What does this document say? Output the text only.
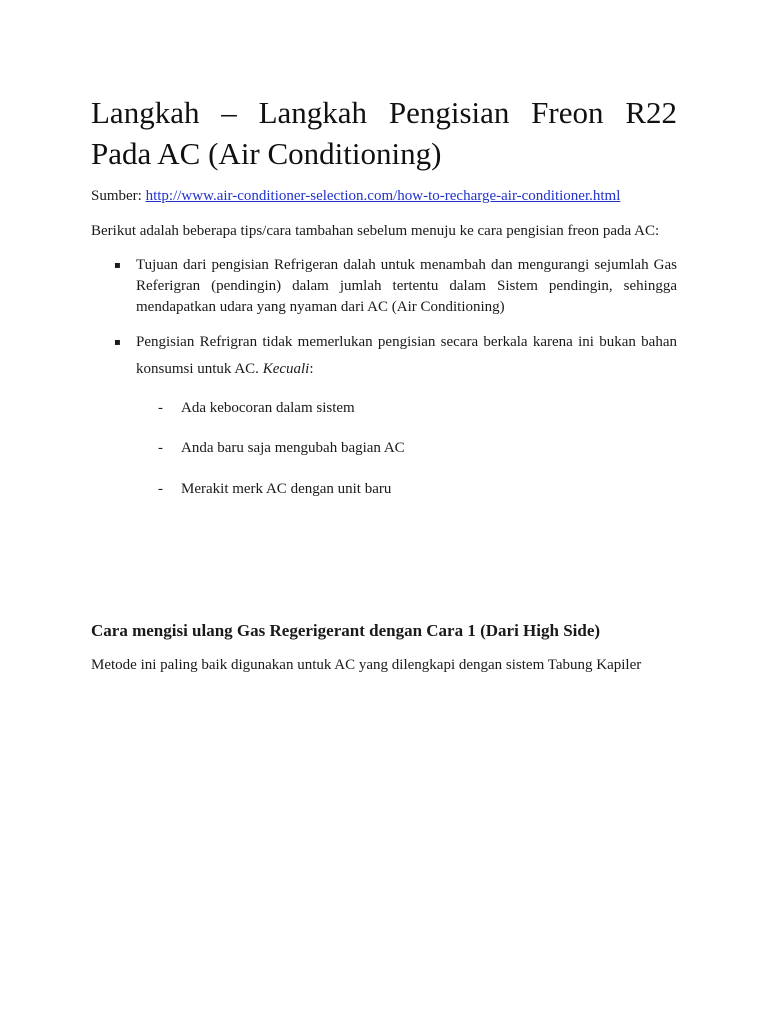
Langkah – Langkah Pengisian Freon R22
Pada AC (Air Conditioning)
Sumber: http://www.air-conditioner-selection.com/how-to-recharge-air-conditioner.html
Berikut adalah beberapa tips/cara tambahan sebelum menuju ke cara pengisian freon pada AC:
▪ Tujuan dari pengisian Refrigeran dalah untuk menambah dan mengurangi sejumlah Gas
Referigran (pendingin) dalam jumlah tertentu dalam Sistem pendingin, sehingga
mendapatkan udara yang nyaman dari AC (Air Conditioning)
▪ Pengisian Refrigran tidak memerlukan pengisian secara berkala karena ini bukan bahan
konsumsi untuk AC. Kecuali:
- Ada kebocoran dalam sistem
- Anda baru saja mengubah bagian AC
- Merakit merk AC dengan unit baru
Cara mengisi ulang Gas Regerigerant dengan Cara 1 (Dari High Side)
Metode ini paling baik digunakan untuk AC yang dilengkapi dengan sistem Tabung Kapiler
